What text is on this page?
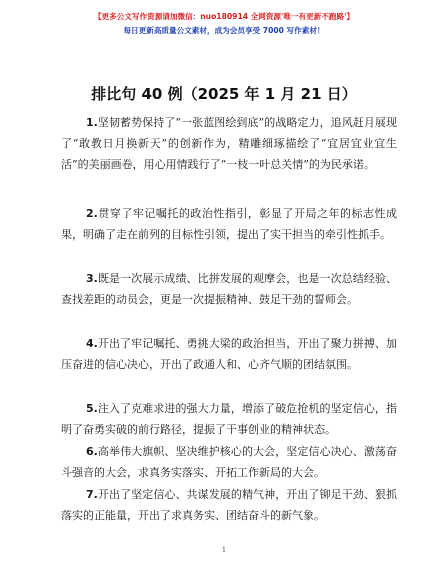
【更多公文写作资源请加微信：nuo180914 全网资源'唯一有更新不跑路'】
每日更新高质量公文素材，成为会员享受 7000 写作素材！
排比句 40 例（2025 年 1 月 21 日）
1.坚韧蓄势保持了“一张蓝图绘到底”的战略定力，追风赶月展现了“敢教日月换新天”的创新作为，精雕细琢描绘了“宜居宜业宜生活”的美丽画卷，用心用情践行了“一枝一叶总关情”的为民承诺。
2.贯穿了牢记嘱托的政治性指引，彰显了开局之年的标志性成果，明确了走在前列的目标性引领，提出了实干担当的牵引性抓手。
3.既是一次展示成绩、比拼发展的观摩会，也是一次总结经验、查找差距的动员会，更是一次提振精神、鼓足干劲的誓师会。
4.开出了牢记嘱托、勇挑大梁的政治担当，开出了聚力拼搏、加压奋进的信心决心，开出了政通人和、心齐气顺的团结氛围。
5.注入了克难求进的强大力量，增添了破危抢机的坚定信心，指明了奋勇实破的前行路径，提振了干事创业的精神状态。
6.高举伟大旗帜、坚决维护核心的大会，坚定信心决心、激荡奋斗强音的大会，求真务实落实、开拓工作新局的大会。
7.开出了坚定信心、共谋发展的精气神，开出了铆足干劲、狠抓落实的正能量，开出了求真务实、团结奋斗的新气象。
1
